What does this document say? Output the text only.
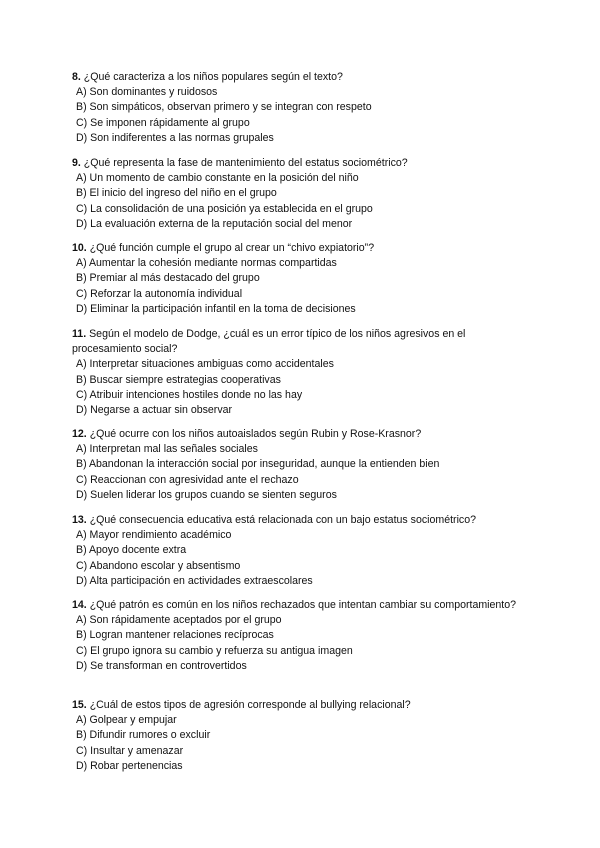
8. ¿Qué caracteriza a los niños populares según el texto?

A) Son dominantes y ruidosos

B) Son simpáticos, observan primero y se integran con respeto

C) Se imponen rápidamente al grupo

D) Son indiferentes a las normas grupales

9. ¿Qué representa la fase de mantenimiento del estatus sociométrico?

A) Un momento de cambio constante en la posición del niño

B) El inicio del ingreso del niño en el grupo

C) La consolidación de una posición ya establecida en el grupo

D) La evaluación externa de la reputación social del menor

10. ¿Qué función cumple el grupo al crear un “chivo expiatorio”?

A) Aumentar la cohesión mediante normas compartidas

B) Premiar al más destacado del grupo

C) Reforzar la autonomía individual

D) Eliminar la participación infantil en la toma de decisiones

11. Según el modelo de Dodge, ¿cuál es un error típico de los niños agresivos en el procesamiento social?

A) Interpretar situaciones ambiguas como accidentales

B) Buscar siempre estrategias cooperativas

C) Atribuir intenciones hostiles donde no las hay

D) Negarse a actuar sin observar

12. ¿Qué ocurre con los niños autoaislados según Rubin y Rose-Krasnor?

A) Interpretan mal las señales sociales

B) Abandonan la interacción social por inseguridad, aunque la entienden bien

C) Reaccionan con agresividad ante el rechazo

D) Suelen liderar los grupos cuando se sienten seguros

13. ¿Qué consecuencia educativa está relacionada con un bajo estatus sociométrico?

A) Mayor rendimiento académico

B) Apoyo docente extra

C) Abandono escolar y absentismo

D) Alta participación en actividades extraescolares

14. ¿Qué patrón es común en los niños rechazados que intentan cambiar su comportamiento?

A) Son rápidamente aceptados por el grupo

B) Logran mantener relaciones recíprocas

C) El grupo ignora su cambio y refuerza su antigua imagen

D) Se transforman en controvertidos

15. ¿Cuál de estos tipos de agresión corresponde al bullying relacional?

A) Golpear y empujar

B) Difundir rumores o excluir

C) Insultar y amenazar

D) Robar pertenencias
